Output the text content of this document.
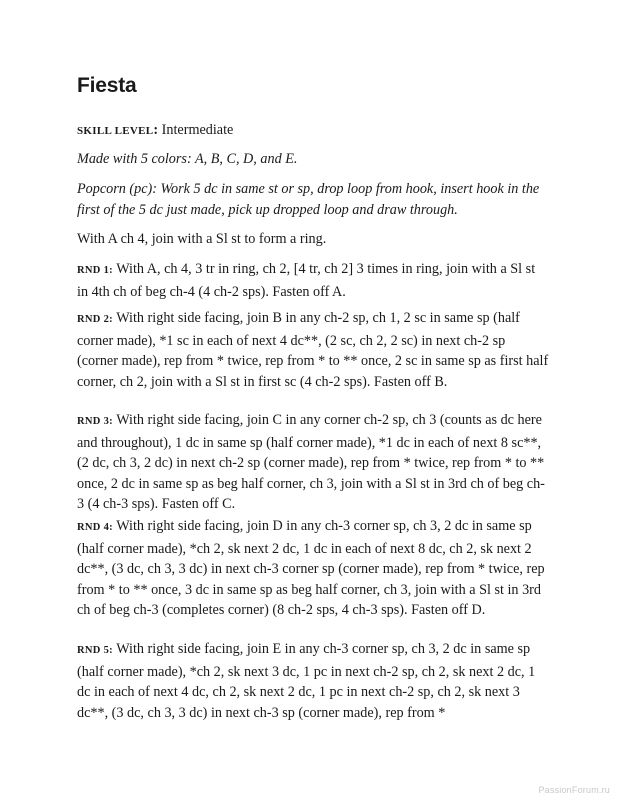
Fiesta

SKILL LEVEL: Intermediate

Made with 5 colors: A, B, C, D, and E.

Popcorn (pc): Work 5 dc in same st or sp, drop loop from hook, insert hook in the first of the 5 dc just made, pick up dropped loop and draw through.

With A ch 4, join with a Sl st to form a ring.

RND 1: With A, ch 4, 3 tr in ring, ch 2, [4 tr, ch 2] 3 times in ring, join with a Sl st in 4th ch of beg ch-4 (4 ch-2 sps). Fasten off A.

RND 2: With right side facing, join B in any ch-2 sp, ch 1, 2 sc in same sp (half corner made), *1 sc in each of next 4 dc**, (2 sc, ch 2, 2 sc) in next ch-2 sp (corner made), rep from * twice, rep from * to ** once, 2 sc in same sp as first half corner, ch 2, join with a Sl st in first sc (4 ch-2 sps). Fasten off B.

RND 3: With right side facing, join C in any corner ch-2 sp, ch 3 (counts as dc here and throughout), 1 dc in same sp (half corner made), *1 dc in each of next 8 sc**, (2 dc, ch 3, 2 dc) in next ch-2 sp (corner made), rep from * twice, rep from * to ** once, 2 dc in same sp as beg half corner, ch 3, join with a Sl st in 3rd ch of beg ch-3 (4 ch-3 sps). Fasten off C.

RND 4: With right side facing, join D in any ch-3 corner sp, ch 3, 2 dc in same sp (half corner made), *ch 2, sk next 2 dc, 1 dc in each of next 8 dc, ch 2, sk next 2 dc**, (3 dc, ch 3, 3 dc) in next ch-3 corner sp (corner made), rep from * twice, rep from * to ** once, 3 dc in same sp as beg half corner, ch 3, join with a Sl st in 3rd ch of beg ch-3 (completes corner) (8 ch-2 sps, 4 ch-3 sps). Fasten off D.

RND 5: With right side facing, join E in any ch-3 corner sp, ch 3, 2 dc in same sp (half corner made), *ch 2, sk next 3 dc, 1 pc in next ch-2 sp, ch 2, sk next 2 dc, 1 dc in each of next 4 dc, ch 2, sk next 2 dc, 1 pc in next ch-2 sp, ch 2, sk next 3 dc**, (3 dc, ch 3, 3 dc) in next ch-3 sp (corner made), rep from *

PassionForum.ru
